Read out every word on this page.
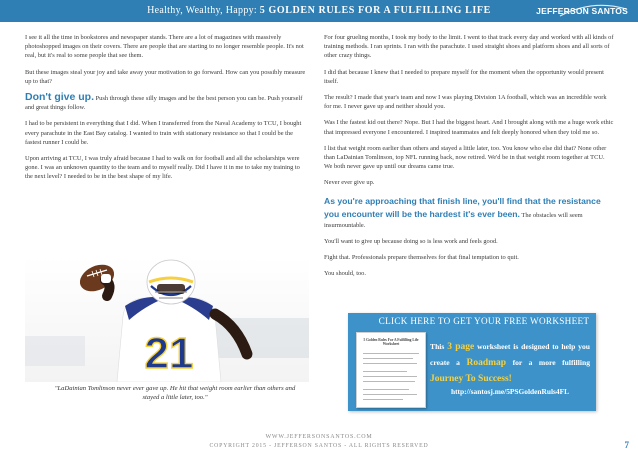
Healthy, Wealthy, Happy: 5 GOLDEN RULES FOR A FULFILLING LIFE	JEFFERSON SANTOS

I see it all the time in bookstores and newspaper stands. There are a lot of magazines with massively photoshopped images on their covers. There are people that are starting to no longer resemble people. It's not real, but it's real to some people that see them.

But these images steal your joy and take away your motivation to go forward. How can you possibly measure up to that?

Don't give up. Push through these silly images and be the best person you can be. Push yourself and great things follow.

I had to be persistent in everything that I did. When I transferred from the Naval Academy to TCU, I bought every parachute in the East Bay catalog. I wanted to train with stationary resistance so that I could be the fastest runner I could be.

Upon arriving at TCU, I was truly afraid because I had to walk on for football and all the scholarships were gone. I was an unknown quantity to the team and to myself really. Did I have it in me to take my training to the next level? I needed to be in the best shape of my life.

21
"LaDainian Tomlinson never ever gave up. He hit that weight room earlier than others and stayed a little later, too."

For four grueling months, I took my body to the limit. I went to that track every day and worked with all kinds of training methods. I ran sprints. I ran with the parachute. I used straight shoes and platform shoes and all sorts of other crazy things.

I did that because I knew that I needed to prepare myself for the moment when the opportunity would present itself.

The result? I made that year's team and now I was playing Division 1A football, which was an incredible work for me. I never gave up and neither should you.

Was I the fastest kid out there? Nope. But I had the biggest heart. And I brought along with me a huge work ethic that impressed everyone I encountered. I inspired teammates and felt deeply honored when they told me so.

I list that weight room earlier than others and stayed a little later, too. You know who else did that? None other than LaDainian Tomlinson, top NFL running back, now retired. We'd be in that weight room together at TCU. We both never gave up until our dreams came true.

Never ever give up.

As you're approaching that finish line, you'll find that the resistance you encounter will be the hardest it's ever been. The obstacles will seem insurmountable.

You'll want to give up because doing so is less work and feels good.

Fight that. Professionals prepare themselves for that final temptation to quit.

You should, too.

CLICK HERE TO GET YOUR FREE WORKSHEET
5 Golden Rules For A Fulfilling Life Worksheet	This 3 page worksheet is designed to help you create a Roadmap for a more fulfilling Journey To Success!
http://santosj.me/5PSGoldenRuls4FL
WWW.JEFFERSONSANTOS.COM
COPYRIGHT 2015 - JEFFERSON SANTOS - ALL RIGHTS RESERVED	7
